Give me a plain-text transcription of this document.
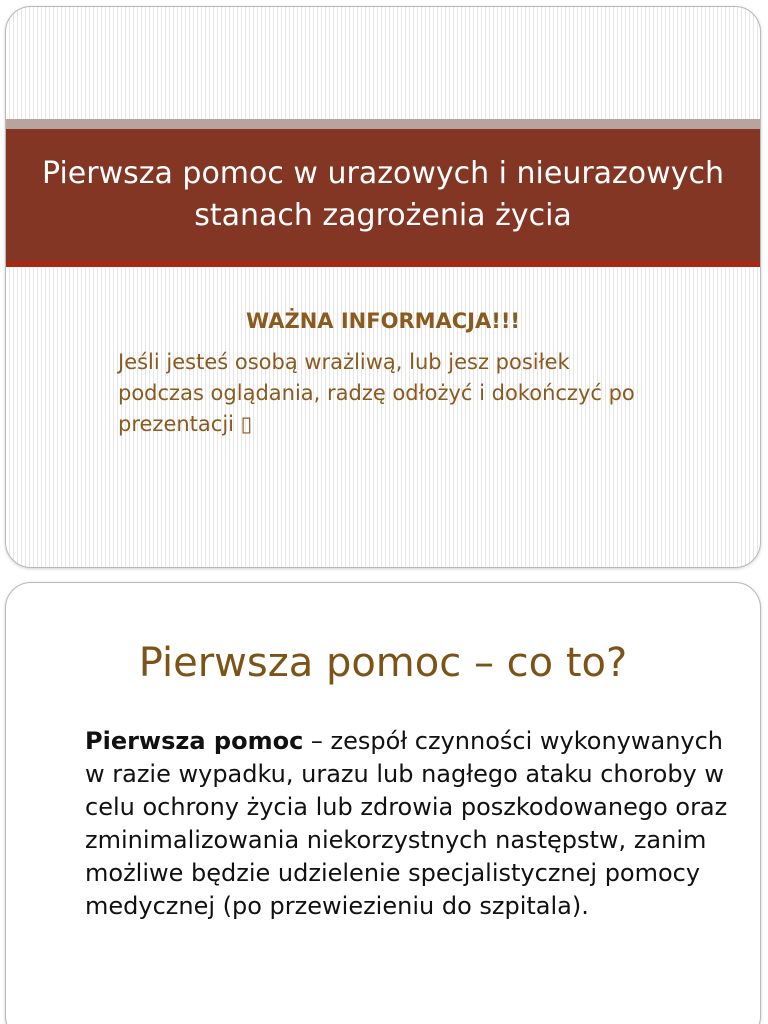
Pierwsza pomoc w urazowych i nieurazowych stanach zagrożenia życia
WAŻNA INFORMACJA!!!
Jeśli jesteś osobą wrażliwą, lub jesz posiłek podczas oglądania, radzę odłożyć i dokończyć po prezentacji ▯
Pierwsza pomoc – co to?
Pierwsza pomoc – zespół czynności wykonywanych w razie wypadku, urazu lub nagłego ataku choroby w celu ochrony życia lub zdrowia poszkodowanego oraz zminimalizowania niekorzystnych następstw, zanim możliwe będzie udzielenie specjalistycznej pomocy medycznej (po przewiezieniu do szpitala).
